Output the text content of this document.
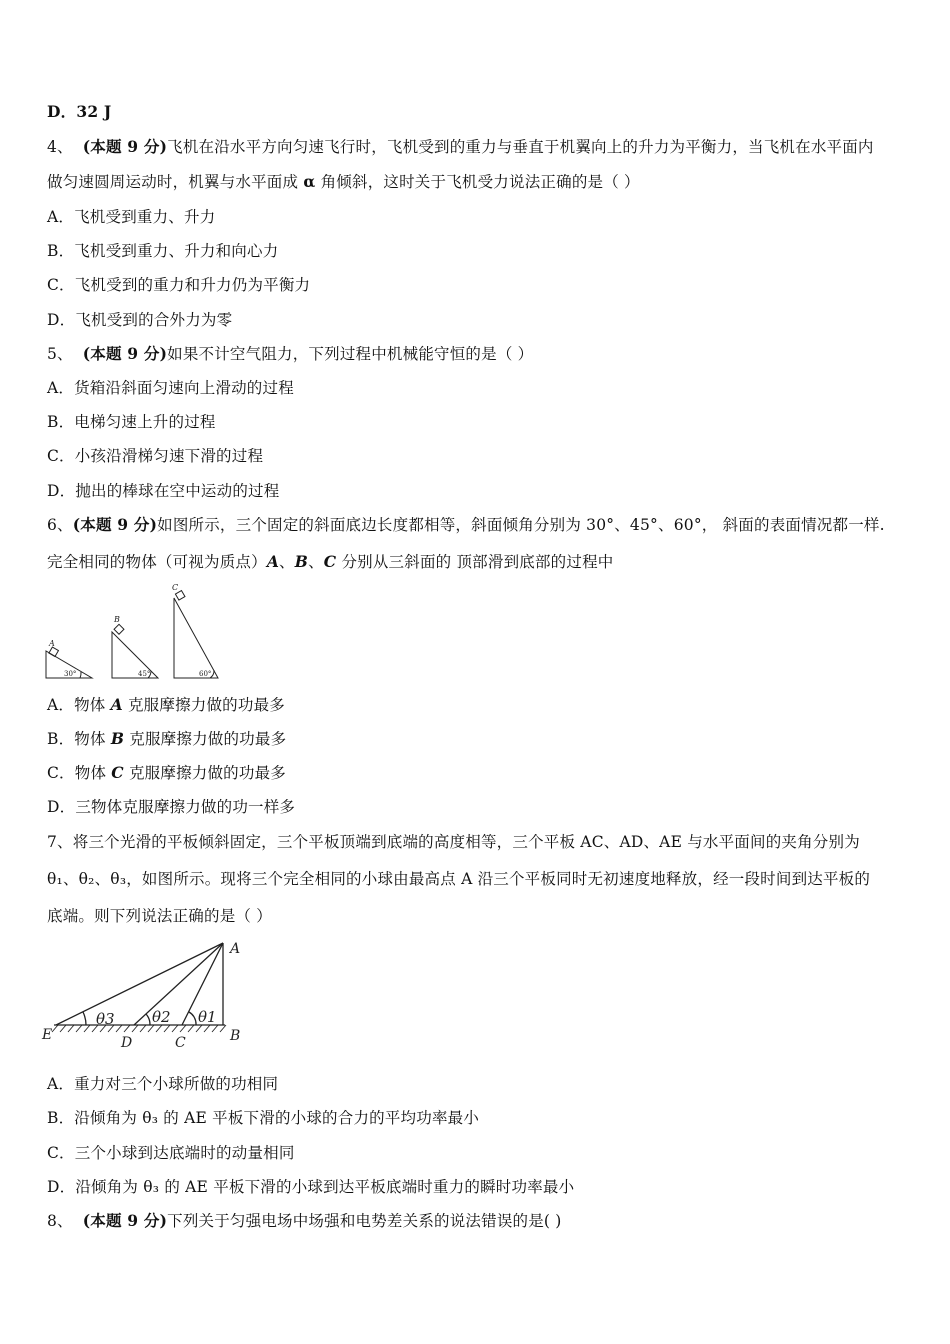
D．32 J
4、 (本题 9 分)飞机在沿水平方向匀速飞行时，飞机受到的重力与垂直于机翼向上的升力为平衡力，当飞机在水平面内
做匀速圆周运动时，机翼与水平面成 α 角倾斜，这时关于飞机受力说法正确的是（ ）
A．飞机受到重力、升力
B．飞机受到重力、升力和向心力
C．飞机受到的重力和升力仍为平衡力
D．飞机受到的合外力为零
5、 (本题 9 分)如果不计空气阻力，下列过程中机械能守恒的是（ ）
A．货箱沿斜面匀速向上滑动的过程
B．电梯匀速上升的过程
C．小孩沿滑梯匀速下滑的过程
D．抛出的棒球在空中运动的过程
6、(本题 9 分)如图所示，三个固定的斜面底边长度都相等，斜面倾角分别为 30°、45°、60°， 斜面的表面情况都一样.
完全相同的物体（可视为质点）A、B、C 分别从三斜面的 顶部滑到底部的过程中
A
B
C
30°	45°	60°
A．物体 A 克服摩擦力做的功最多
B．物体 B 克服摩擦力做的功最多
C．物体 C 克服摩擦力做的功最多
D．三物体克服摩擦力做的功一样多
7、将三个光滑的平板倾斜固定，三个平板顶端到底端的高度相等，三个平板 AC、AD、AE 与水平面间的夹角分别为
θ₁、θ₂、θ₃，如图所示。现将三个完全相同的小球由最高点 A 沿三个平板同时无初速度地释放，经一段时间到达平板的
底端。则下列说法正确的是（ ）
A
B
C
D
E
θ1
θ2
θ3
A．重力对三个小球所做的功相同
B．沿倾角为 θ₃ 的 AE 平板下滑的小球的合力的平均功率最小
C．三个小球到达底端时的动量相同
D．沿倾角为 θ₃ 的 AE 平板下滑的小球到达平板底端时重力的瞬时功率最小
8、 (本题 9 分)下列关于匀强电场中场强和电势差关系的说法错误的是( )
